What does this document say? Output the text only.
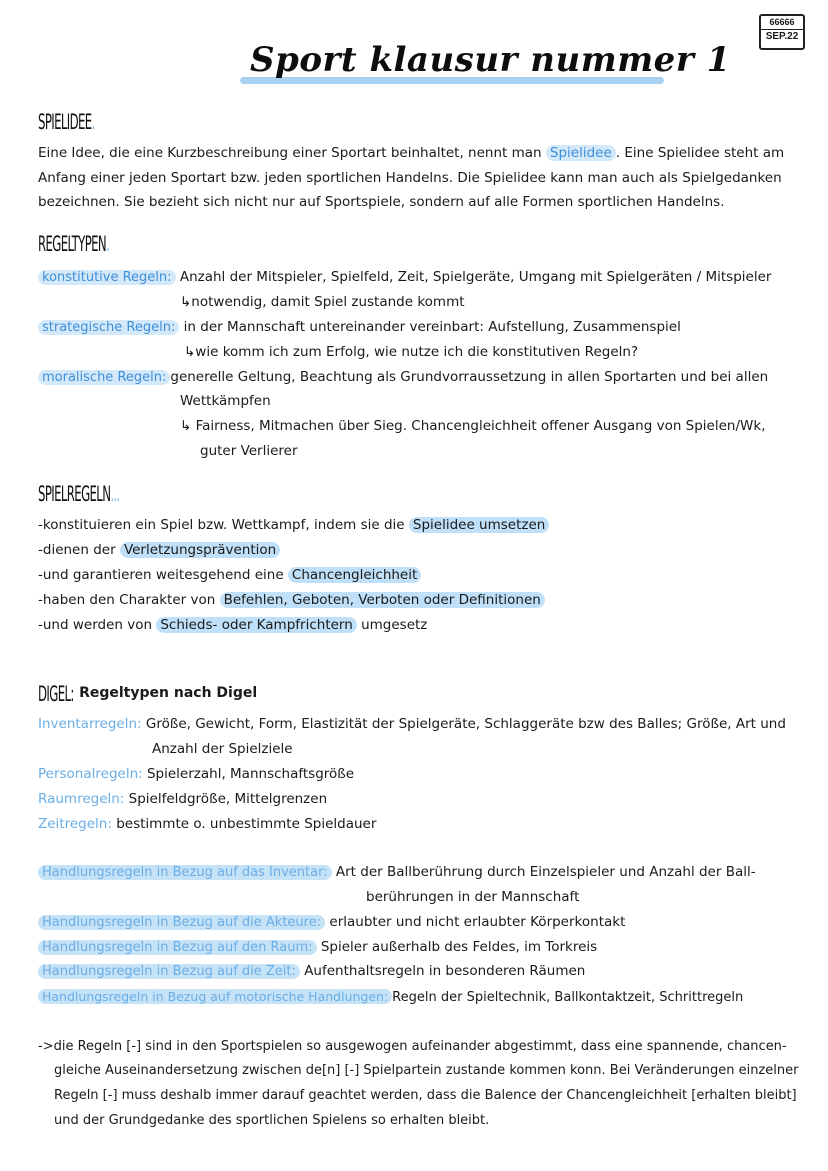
66666
SEP.22
Sport klausur nummer 1
SPIELIDEE.
Eine Idee, die eine Kurzbeschreibung einer Sportart beinhaltet, nennt man Spielidee . Eine Spielidee steht am
Anfang einer jeden Sportart bzw. jeden sportlichen Handelns. Die Spielidee kann man auch als Spielgedanken
bezeichnen. Sie bezieht sich nicht nur auf Sportspiele, sondern auf alle Formen sportlichen Handelns.
REGELTYPEN.
konstitutive Regeln: Anzahl der Mitspieler, Spielfeld, Zeit, Spielgeräte, Umgang mit Spielgeräten / Mitspieler
↳notwendig, damit Spiel zustande kommt
strategische Regeln: in der Mannschaft untereinander vereinbart: Aufstellung, Zusammenspiel
↳wie komm ich zum Erfolg, wie nutze ich die konstitutiven Regeln?
moralische Regeln: generelle Geltung, Beachtung als Grundvorraussetzung in allen Sportarten und bei allen
Wettkämpfen
↳ Fairness, Mitmachen über Sieg. Chancengleichheit offener Ausgang von Spielen/Wk,
guter Verlierer
SPIELREGELN...
-konstituieren ein Spiel bzw. Wettkampf, indem sie die Spielidee umsetzen
-dienen der Verletzungsprävention
-und garantieren weitesgehend eine Chancengleichheit
-haben den Charakter von Befehlen, Geboten, Verboten oder Definitionen
-und werden von Schieds- oder Kampfrichtern umgesetz
DIGEL: Regeltypen nach Digel
Inventarregeln: Größe, Gewicht, Form, Elastizität der Spielgeräte, Schlaggeräte bzw des Balles; Größe, Art und
Anzahl der Spielziele
Personalregeln: Spielerzahl, Mannschaftsgröße
Raumregeln: Spielfeldgröße, Mittelgrenzen
Zeitregeln: bestimmte o. unbestimmte Spieldauer
Handlungsregeln in Bezug auf das Inventar: Art der Ballberührung durch Einzelspieler und Anzahl der Ball-
berührungen in der Mannschaft
Handlungsregeln in Bezug auf die Akteure: erlaubter und nicht erlaubter Körperkontakt
Handlungsregeln in Bezug auf den Raum: Spieler außerhalb des Feldes, im Torkreis
Handlungsregeln in Bezug auf die Zeit: Aufenthaltsregeln in besonderen Räumen
Handlungsregeln in Bezug auf motorische Handlungen: Regeln der Spieltechnik, Ballkontaktzeit, Schrittregeln
->die Regeln [-] sind in den Sportspielen so ausgewogen aufeinander abgestimmt, dass eine spannende, chancen-
gleiche Auseinandersetzung zwischen de[n] [-] Spielpartein zustande kommen konn. Bei Veränderungen einzelner
Regeln [-] muss deshalb immer darauf geachtet werden, dass die Balence der Chancengleichheit [erhalten bleibt]
und der Grundgedanke des sportlichen Spielens so erhalten bleibt.
